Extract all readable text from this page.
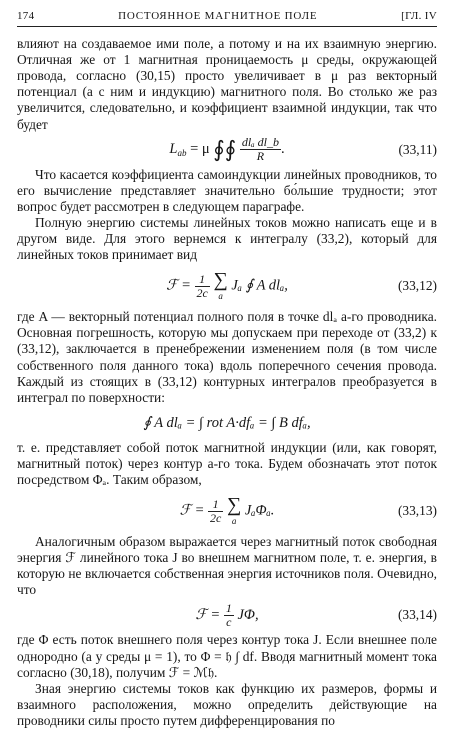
174	ПОСТОЯННОЕ МАГНИТНОЕ ПОЛЕ	[ГЛ. IV

влияют на создаваемое ими поле, а потому и на их взаимную энергию. Отличная же от 1 магнитная проницаемость μ среды, окружающей провода, согласно (30,15) просто увеличивает в μ раз векторный потенциал (а с ним и индукцию) магнитного поля. Во столько же раз увеличится, следовательно, и коэффициент взаимной индукции, так что будет

$L_{ab} = \mu$ ∮∮ $\frac{\text{dlₐ dl\_b}}{R}$ .	(33,11)

Что касается коэффициента самоиндукции линейных проводников, то его вычисление представляет значительно бо́льшие трудности; этот вопрос будет рассмотрен в следующем параграфе.

Полную энергию системы линейных токов можно написать еще и в другом виде. Для этого вернемся к интегралу (33,2), который для линейных токов принимает вид

ℱ = $\frac{1}{2c}$
∑
a
Jₐ ∮ A dlₐ,	(33,12)

где A — векторный потенциал полного поля в точке dlₐ a-го проводника. Основная погрешность, которую мы допускаем при переходе от (33,2) к (33,12), заключается в пренебрежении изменением поля (в том числе собственного поля данного тока) вдоль поперечного сечения провода. Каждый из стоящих в (33,12) контурных интегралов преобразуется в интеграл по поверхности:

∮ A dlₐ = ∫ rot A·dfₐ = ∫ B dfₐ,

т. е. представляет собой поток магнитной индукции (или, как говорят, магнитный поток) через контур a-го тока. Будем обозначать этот поток посредством Φₐ. Таким образом,

ℱ = $\frac{1}{2c}$
∑
a
JₐΦₐ.	(33,13)

Аналогичным образом выражается через магнитный поток свободная энергия ℱ линейного тока J во внешнем магнитном поле, т. е. энергия, в которую не включается собственная энергия источников поля. Очевидно, что

ℱ = $\frac{1}{c} J\Phi$,	(33,14)

где Φ есть поток внешнего поля через контур тока J. Если внешнее поле однородно (а у среды μ = 1), то Φ = 𝔥 ∫ df. Вводя магнитный момент тока согласно (30,18), получим ℱ = ℳ𝔥.

Зная энергию системы токов как функцию их размеров, формы и взаимного расположения, можно определить действующие на проводники силы просто путем дифференцирования по
